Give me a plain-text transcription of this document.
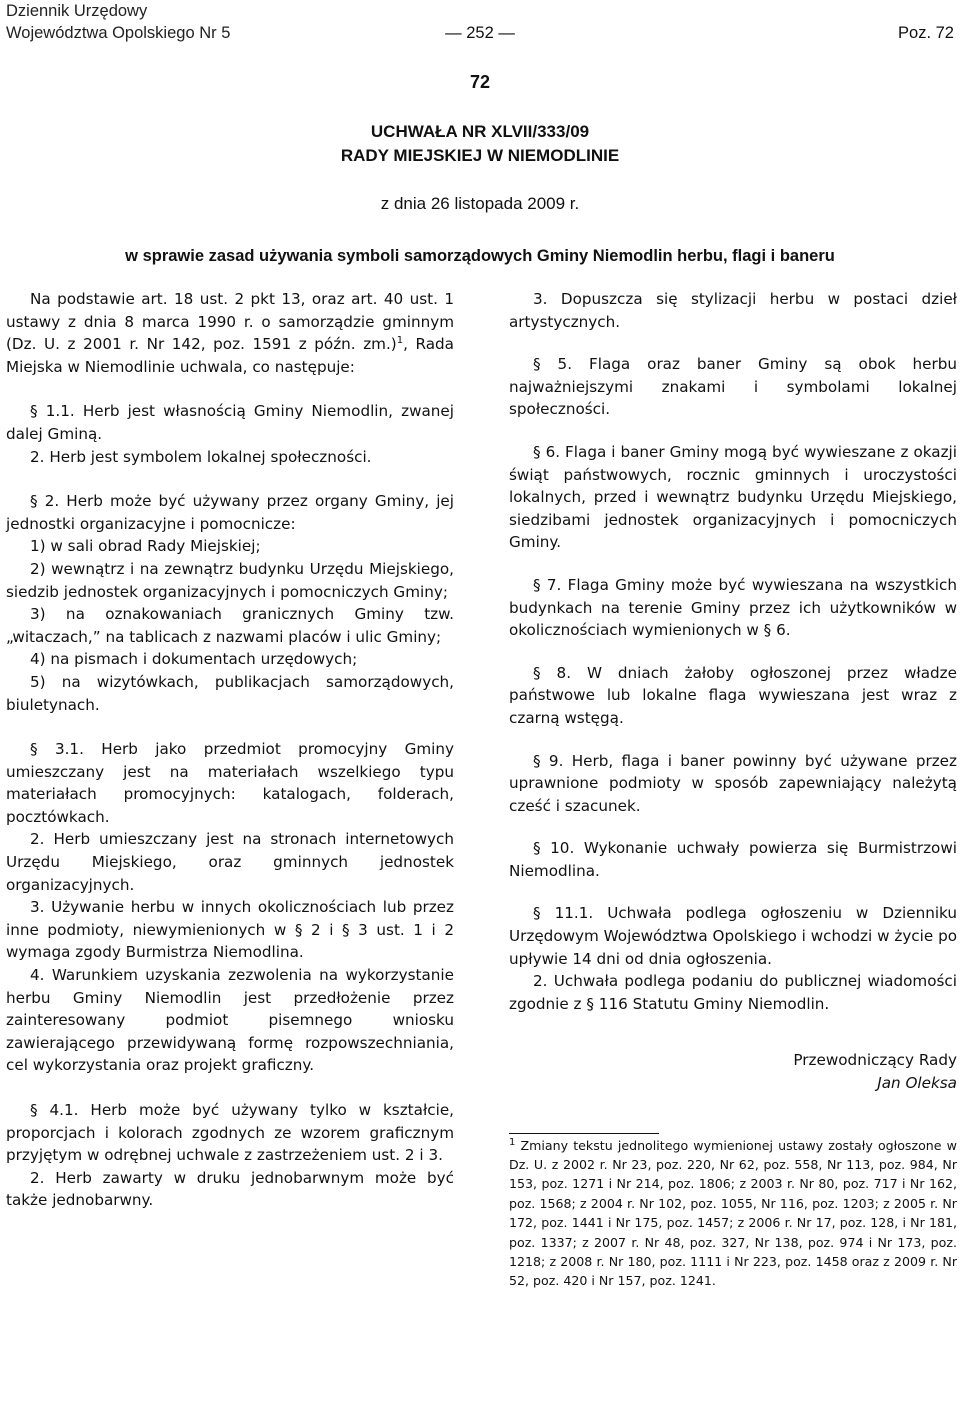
Dziennik Urzędowy
Województwa Opolskiego Nr 5	— 252 —	Poz. 72
72
UCHWAŁA NR XLVII/333/09
RADY MIEJSKIEJ W NIEMODLINIE
z dnia 26 listopada 2009 r.
w sprawie zasad używania symboli samorządowych Gminy Niemodlin herbu, flagi i baneru

Na podstawie art. 18 ust. 2 pkt 13, oraz art. 40 ust. 1 ustawy z dnia 8 marca 1990 r. o samorządzie gminnym (Dz. U. z 2001 r. Nr 142, poz. 1591 z późn. zm.)$^1$, Rada Miejska w Niemodlinie uchwala, co następuje:

§ 1.1. Herb jest własnością Gminy Niemodlin, zwanej dalej Gminą.

2. Herb jest symbolem lokalnej społeczności.

§ 2. Herb może być używany przez organy Gminy, jej jednostki organizacyjne i pomocnicze:

1) w sali obrad Rady Miejskiej;

2) wewnątrz i na zewnątrz budynku Urzędu Miejskiego, siedzib jednostek organizacyjnych i pomocniczych Gminy;

3) na oznakowaniach granicznych Gminy tzw. „witaczach,” na tablicach z nazwami placów i ulic Gminy;

4) na pismach i dokumentach urzędowych;

5) na wizytówkach, publikacjach samorządowych, biuletynach.

§ 3.1. Herb jako przedmiot promocyjny Gminy umieszczany jest na materiałach wszelkiego typu materiałach promocyjnych: katalogach, folderach, pocztówkach.

2. Herb umieszczany jest na stronach internetowych Urzędu Miejskiego, oraz gminnych jednostek organizacyjnych.

3. Używanie herbu w innych okolicznościach lub przez inne podmioty, niewymienionych w § 2 i § 3 ust. 1 i 2 wymaga zgody Burmistrza Niemodlina.

4. Warunkiem uzyskania zezwolenia na wykorzystanie herbu Gminy Niemodlin jest przedłożenie przez zainteresowany podmiot pisemnego wniosku zawierającego przewidywaną formę rozpowszechniania, cel wykorzystania oraz projekt graficzny.

§ 4.1. Herb może być używany tylko w kształcie, proporcjach i kolorach zgodnych ze wzorem graficznym przyjętym w odrębnej uchwale z zastrzeżeniem ust. 2 i 3.

2. Herb zawarty w druku jednobarwnym może być także jednobarwny.

3. Dopuszcza się stylizacji herbu w postaci dzieł artystycznych.

§ 5. Flaga oraz baner Gminy są obok herbu najważniejszymi znakami i symbolami lokalnej społeczności.

§ 6. Flaga i baner Gminy mogą być wywieszane z okazji świąt państwowych, rocznic gminnych i uroczystości lokalnych, przed i wewnątrz budynku Urzędu Miejskiego, siedzibami jednostek organizacyjnych i pomocniczych Gminy.

§ 7. Flaga Gminy może być wywieszana na wszystkich budynkach na terenie Gminy przez ich użytkowników w okolicznościach wymienionych w § 6.

§ 8. W dniach żałoby ogłoszonej przez władze państwowe lub lokalne flaga wywieszana jest wraz z czarną wstęgą.

§ 9. Herb, flaga i baner powinny być używane przez uprawnione podmioty w sposób zapewniający należytą cześć i szacunek.

§ 10. Wykonanie uchwały powierza się Burmistrzowi Niemodlina.

§ 11.1. Uchwała podlega ogłoszeniu w Dzienniku Urzędowym Województwa Opolskiego i wchodzi w życie po upływie 14 dni od dnia ogłoszenia.

2. Uchwała podlega podaniu do publicznej wiadomości zgodnie z § 116 Statutu Gminy Niemodlin.

Przewodniczący Rady
Jan Oleksa

$^1$ Zmiany tekstu jednolitego wymienionej ustawy zostały ogłoszone w Dz. U. z 2002 r. Nr 23, poz. 220, Nr 62, poz. 558, Nr 113, poz. 984, Nr 153, poz. 1271 i Nr 214, poz. 1806; z 2003 r. Nr 80, poz. 717 i Nr 162, poz. 1568; z 2004 r. Nr 102, poz. 1055, Nr 116, poz. 1203; z 2005 r. Nr 172, poz. 1441 i Nr 175, poz. 1457; z 2006 r. Nr 17, poz. 128, i Nr 181, poz. 1337; z 2007 r. Nr 48, poz. 327, Nr 138, poz. 974 i Nr 173, poz. 1218; z 2008 r. Nr 180, poz. 1111 i Nr 223, poz. 1458 oraz z 2009 r. Nr 52, poz. 420 i Nr 157, poz. 1241.
